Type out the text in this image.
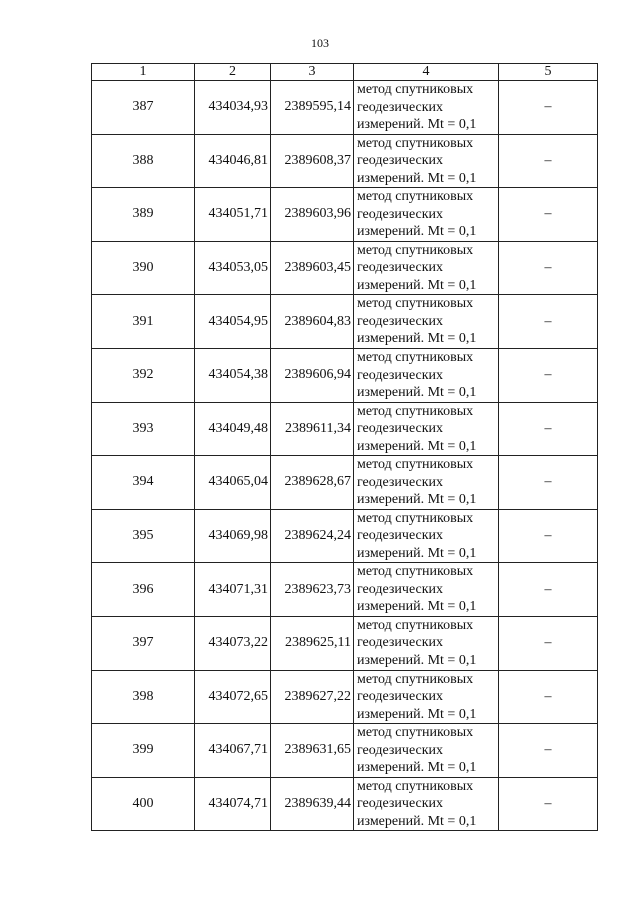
103
1	2	3	4	5
387	434034,93	2389595,14	метод спутниковых
геодезических
измерений. Mt = 0,1	–
388	434046,81	2389608,37	метод спутниковых
геодезических
измерений. Mt = 0,1	–
389	434051,71	2389603,96	метод спутниковых
геодезических
измерений. Mt = 0,1	–
390	434053,05	2389603,45	метод спутниковых
геодезических
измерений. Mt = 0,1	–
391	434054,95	2389604,83	метод спутниковых
геодезических
измерений. Mt = 0,1	–
392	434054,38	2389606,94	метод спутниковых
геодезических
измерений. Mt = 0,1	–
393	434049,48	2389611,34	метод спутниковых
геодезических
измерений. Mt = 0,1	–
394	434065,04	2389628,67	метод спутниковых
геодезических
измерений. Mt = 0,1	–
395	434069,98	2389624,24	метод спутниковых
геодезических
измерений. Mt = 0,1	–
396	434071,31	2389623,73	метод спутниковых
геодезических
измерений. Mt = 0,1	–
397	434073,22	2389625,11	метод спутниковых
геодезических
измерений. Mt = 0,1	–
398	434072,65	2389627,22	метод спутниковых
геодезических
измерений. Mt = 0,1	–
399	434067,71	2389631,65	метод спутниковых
геодезических
измерений. Mt = 0,1	–
400	434074,71	2389639,44	метод спутниковых
геодезических
измерений. Mt = 0,1	–
